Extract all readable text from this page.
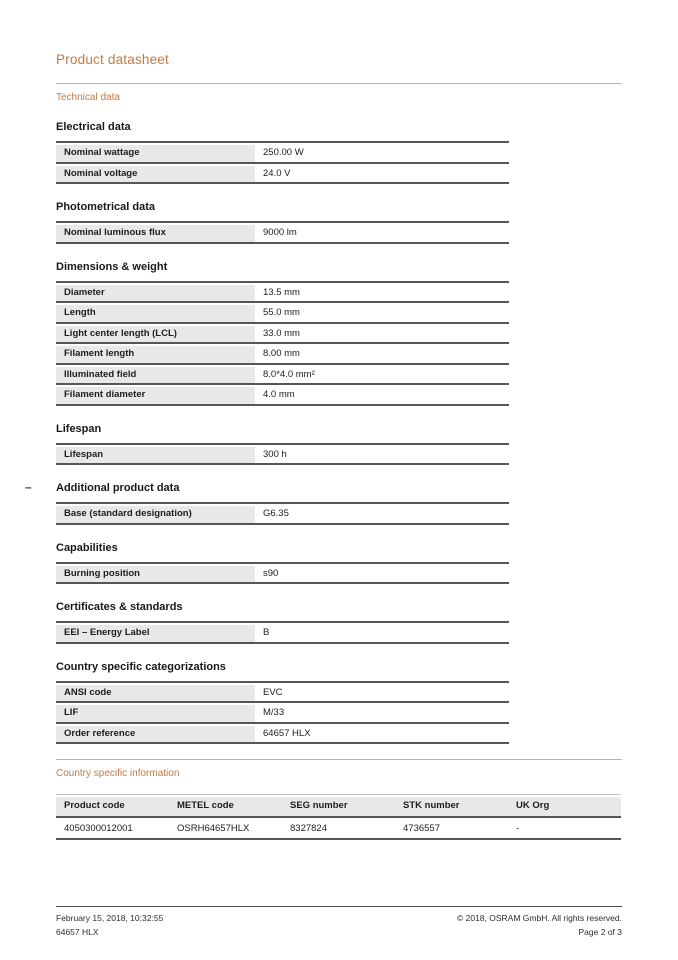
Product datasheet
Technical data
Electrical data
Nominal wattage	250.00 W
Nominal voltage	24.0 V
Photometrical data
Nominal luminous flux	9000 lm
Dimensions & weight
Diameter	13.5 mm
Length	55.0 mm
Light center length (LCL)	33.0 mm
Filament length	8.00 mm
Illuminated field	8.0*4.0 mm²
Filament diameter	4.0 mm
Lifespan
Lifespan	300 h
– Additional product data
Base (standard designation)	G6.35
Capabilities
Burning position	s90
Certificates & standards
EEI – Energy Label	B
Country specific categorizations
ANSI code	EVC
LIF	M/33
Order reference	64657 HLX
Country specific information
Product code	METEL code	SEG number	STK number	UK Org
4050300012001	OSRH64657HLX	8327824	4736557	-
February 15, 2018, 10:32:55
64657 HLX
© 2018, OSRAM GmbH. All rights reserved.
Page 2 of 3
